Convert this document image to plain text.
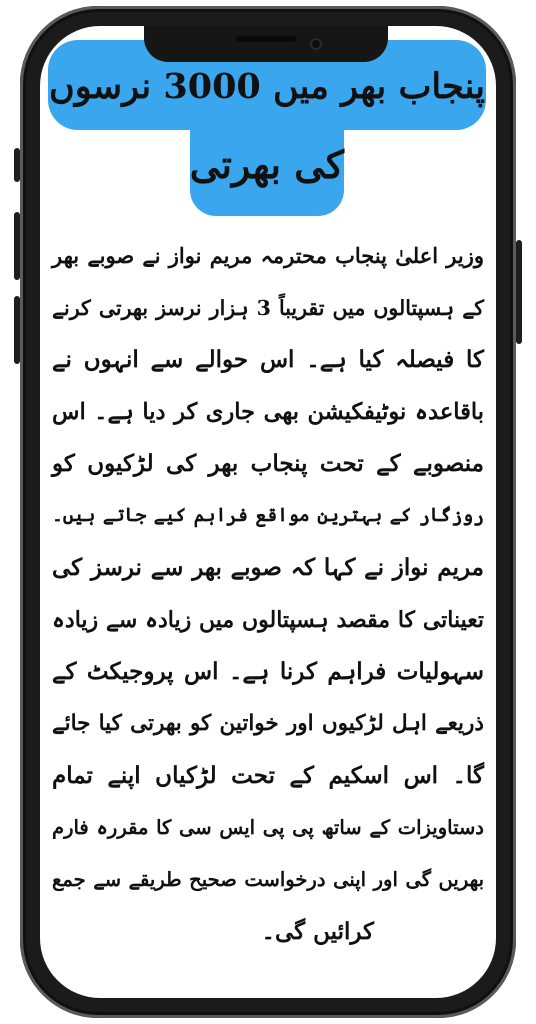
پنجاب بھر میں 3000 نرسوں
کی بھرتی
وزیر اعلیٰ پنجاب محترمہ مریم نواز نے صوبے بھر
کے ہسپتالوں میں تقریباً 3 ہزار نرسز بھرتی کرنے
کا فیصلہ کیا ہے۔ اس حوالے سے انہوں نے
باقاعدہ نوٹیفکیشن بھی جاری کر دیا ہے۔ اس
منصوبے کے تحت پنجاب بھر کی لڑکیوں کو
روزگار کے بہترین مواقع فراہم کیے جاتے ہیں۔
مریم نواز نے کہا کہ صوبے بھر سے نرسز کی
تعیناتی کا مقصد ہسپتالوں میں زیادہ سے زیادہ
سہولیات فراہم کرنا ہے۔ اس پروجیکٹ کے
ذریعے اہل لڑکیوں اور خواتین کو بھرتی کیا جائے
گا۔ اس اسکیم کے تحت لڑکیاں اپنے تمام
دستاویزات کے ساتھ پی پی ایس سی کا مقررہ فارم
بھریں گی اور اپنی درخواست صحیح طریقے سے جمع
کرائیں گی۔
